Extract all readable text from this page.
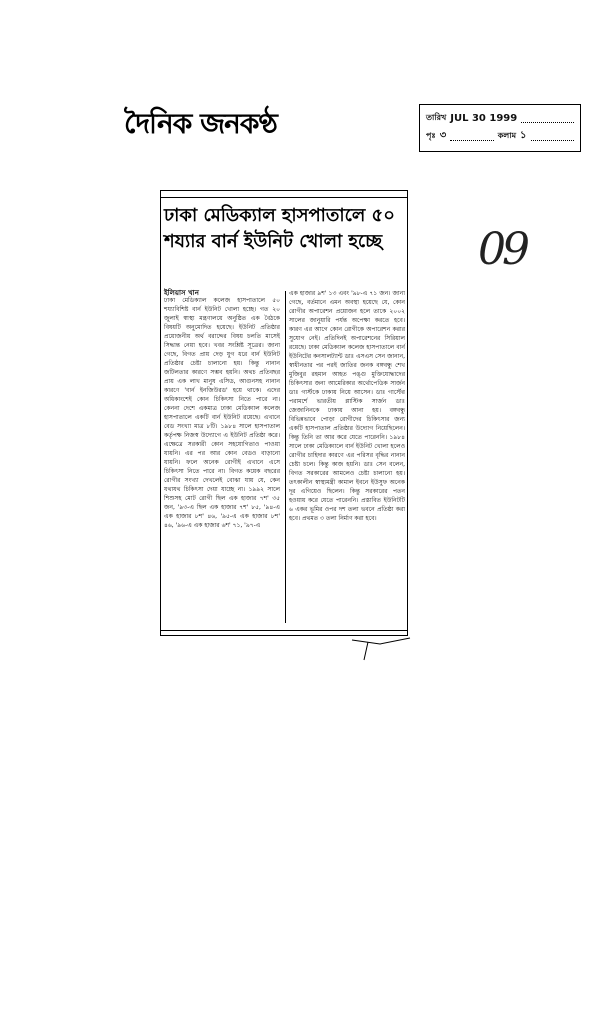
দৈনিক জনকণ্ঠ	তারিখ JUL 30 1999
পৃঃ ৩	কলাম ১
09
ঢাকা মেডিক্যাল হাসপাতালে ৫০ শয্যার বার্ন ইউনিট খোলা হচ্ছে
ইলিয়াস খান
ঢাকা মেডিক্যাল কলেজ হাসপাতালে ৫০ শয্যাবিশিষ্ট বার্ন ইউনিট খোলা হচ্ছে। গত ২০ জুলাই স্বাস্থ্য মন্ত্রণালয়ে অনুষ্ঠিত এক বৈঠকে বিষয়টি অনুমোদিত হয়েছে। ইউনিট প্রতিষ্ঠার প্রয়োজনীয় অর্থ বরাদ্দের বিষয় চলতি মাসেই সিদ্ধান্ত নেয়া হবে। খবর সংশ্লিষ্ট সূত্রের। জানা গেছে, বিগত প্রায় দেড় যুগ ধরে বার্ন ইউনিট প্রতিষ্ঠার চেষ্টা চালানো হয়। কিন্তু নানান জটিলতার কারণে সম্ভব হয়নি। অথচ প্রতিবছর প্রায় এক লাখ মানুষ এসিড, আগুনসহ নানান কারণে 'বার্ন ইনজিউরড' হয়ে থাকে। এদের অধিকাংশেই কোন চিকিৎসা নিতে পারে না। কেননা দেশে একমাত্র ঢাকা মেডিক্যাল কলেজ হাসপাতালে একটি বার্ন ইউনিট রয়েছে। এখানে বেড সংখ্যা মাত্র ৮টি। ১৯৮৪ সালে হাসপাতাল কর্তৃপক্ষ নিজস্ব উদ্যোগে এ ইউনিট প্রতিষ্ঠা করে। এক্ষেত্রে সরকারী কোন সহযোগিতাও পাওয়া যায়নি। এর পর আর কোন বেডও বাড়ানো যায়নি। ফলে অনেক রোগীই এখানে এসে চিকিৎসা নিতে পারে না। বিগত কয়েক বছরের রোগীর সংখ্যা দেখলেই বোঝা যায় যে, কেন যথাযথ চিকিৎসা দেয়া যাচ্ছে না। ১৯৯২ সালে শিশুসহ মোট রোগী ছিল এক হাজার ৭শ' ৩৫ জন, '৯৩-এ ছিল এক হাজার ৭শ' ৮৫, '৯৪-এ এক হাজার ৮শ' ৪৬, '৯৫-এ এক হাজার ৮শ' ৪৬, '৯৬-এ এক হাজার ৬শ' ৭১, '৯৭-এ
এক হাজার ৯শ' ১৩ এবং '৯৮-এ ৭১ জন। জানা গেছে, বর্তমানে এমন অবস্থা হয়েছে যে, কোন রোগীর অপারেশন প্রয়োজন হলে তাকে ২০০২ সালের জানুয়ারি পর্যন্ত অপেক্ষা করতে হবে। কারণ এর আগে কোন রোগীকে অপারেশন করার সুযোগ নেই। প্রতিদিনই অপারেশনের সিরিয়াল রয়েছে। ঢাকা মেডিক্যাল কলেজ হাসপাতালে বার্ন ইউনিটের কনসালট্যান্ট ডাঃ এসএস সেন জানান, স্বাধীনতার পর পরই জাতির জনক বঙ্গবন্ধু শেখ মুজিবুর রহমান আহত পঙ্গু মুক্তিযোদ্ধাদের চিকিৎসার জন্য আমেরিকার অর্থোপেডিক সার্জন ডাঃ গার্স্টকে ঢাকায় নিয়ে আসেন। ডাঃ গার্স্টের পরামর্শে ভারতীয় প্লাস্টিক সার্জন ডাঃ জেজানিনকে ঢাকায় আনা হয়। বঙ্গবন্ধু বিভিন্নভাবে পোড়া রোগীদের চিকিৎসার জন্য একটি হাসপাতাল প্রতিষ্ঠার উদ্যোগ নিয়েছিলেন। কিন্তু তিনি তা আর করে যেতে পারেননি। ১৯৮৪ সালে ঢাকা মেডিক্যালে বার্ন ইউনিট খোলা হলেও রোগীর চাহিদার কারণে এর পরিসর বৃদ্ধির নানান চেষ্টা চলে। কিন্তু কাজ হয়নি। ডাঃ সেন বলেন, বিগত সরকারের আমলেও চেষ্টা চালানো হয়। তৎকালীন স্বাস্থ্যমন্ত্রী কামাল ইবনে ইউসুফ অনেক দূর এগিয়েও ছিলেন। কিন্তু সরকারের পতন হওয়ায় করে যেতে পারেননি। প্রস্তাবিত ইউনিটটি ৬ একর ভূমির ওপর দশ তলা ভবনে প্রতিষ্ঠা করা হবে। প্রথমত ৩ তলা নির্মাণ করা হবে।
